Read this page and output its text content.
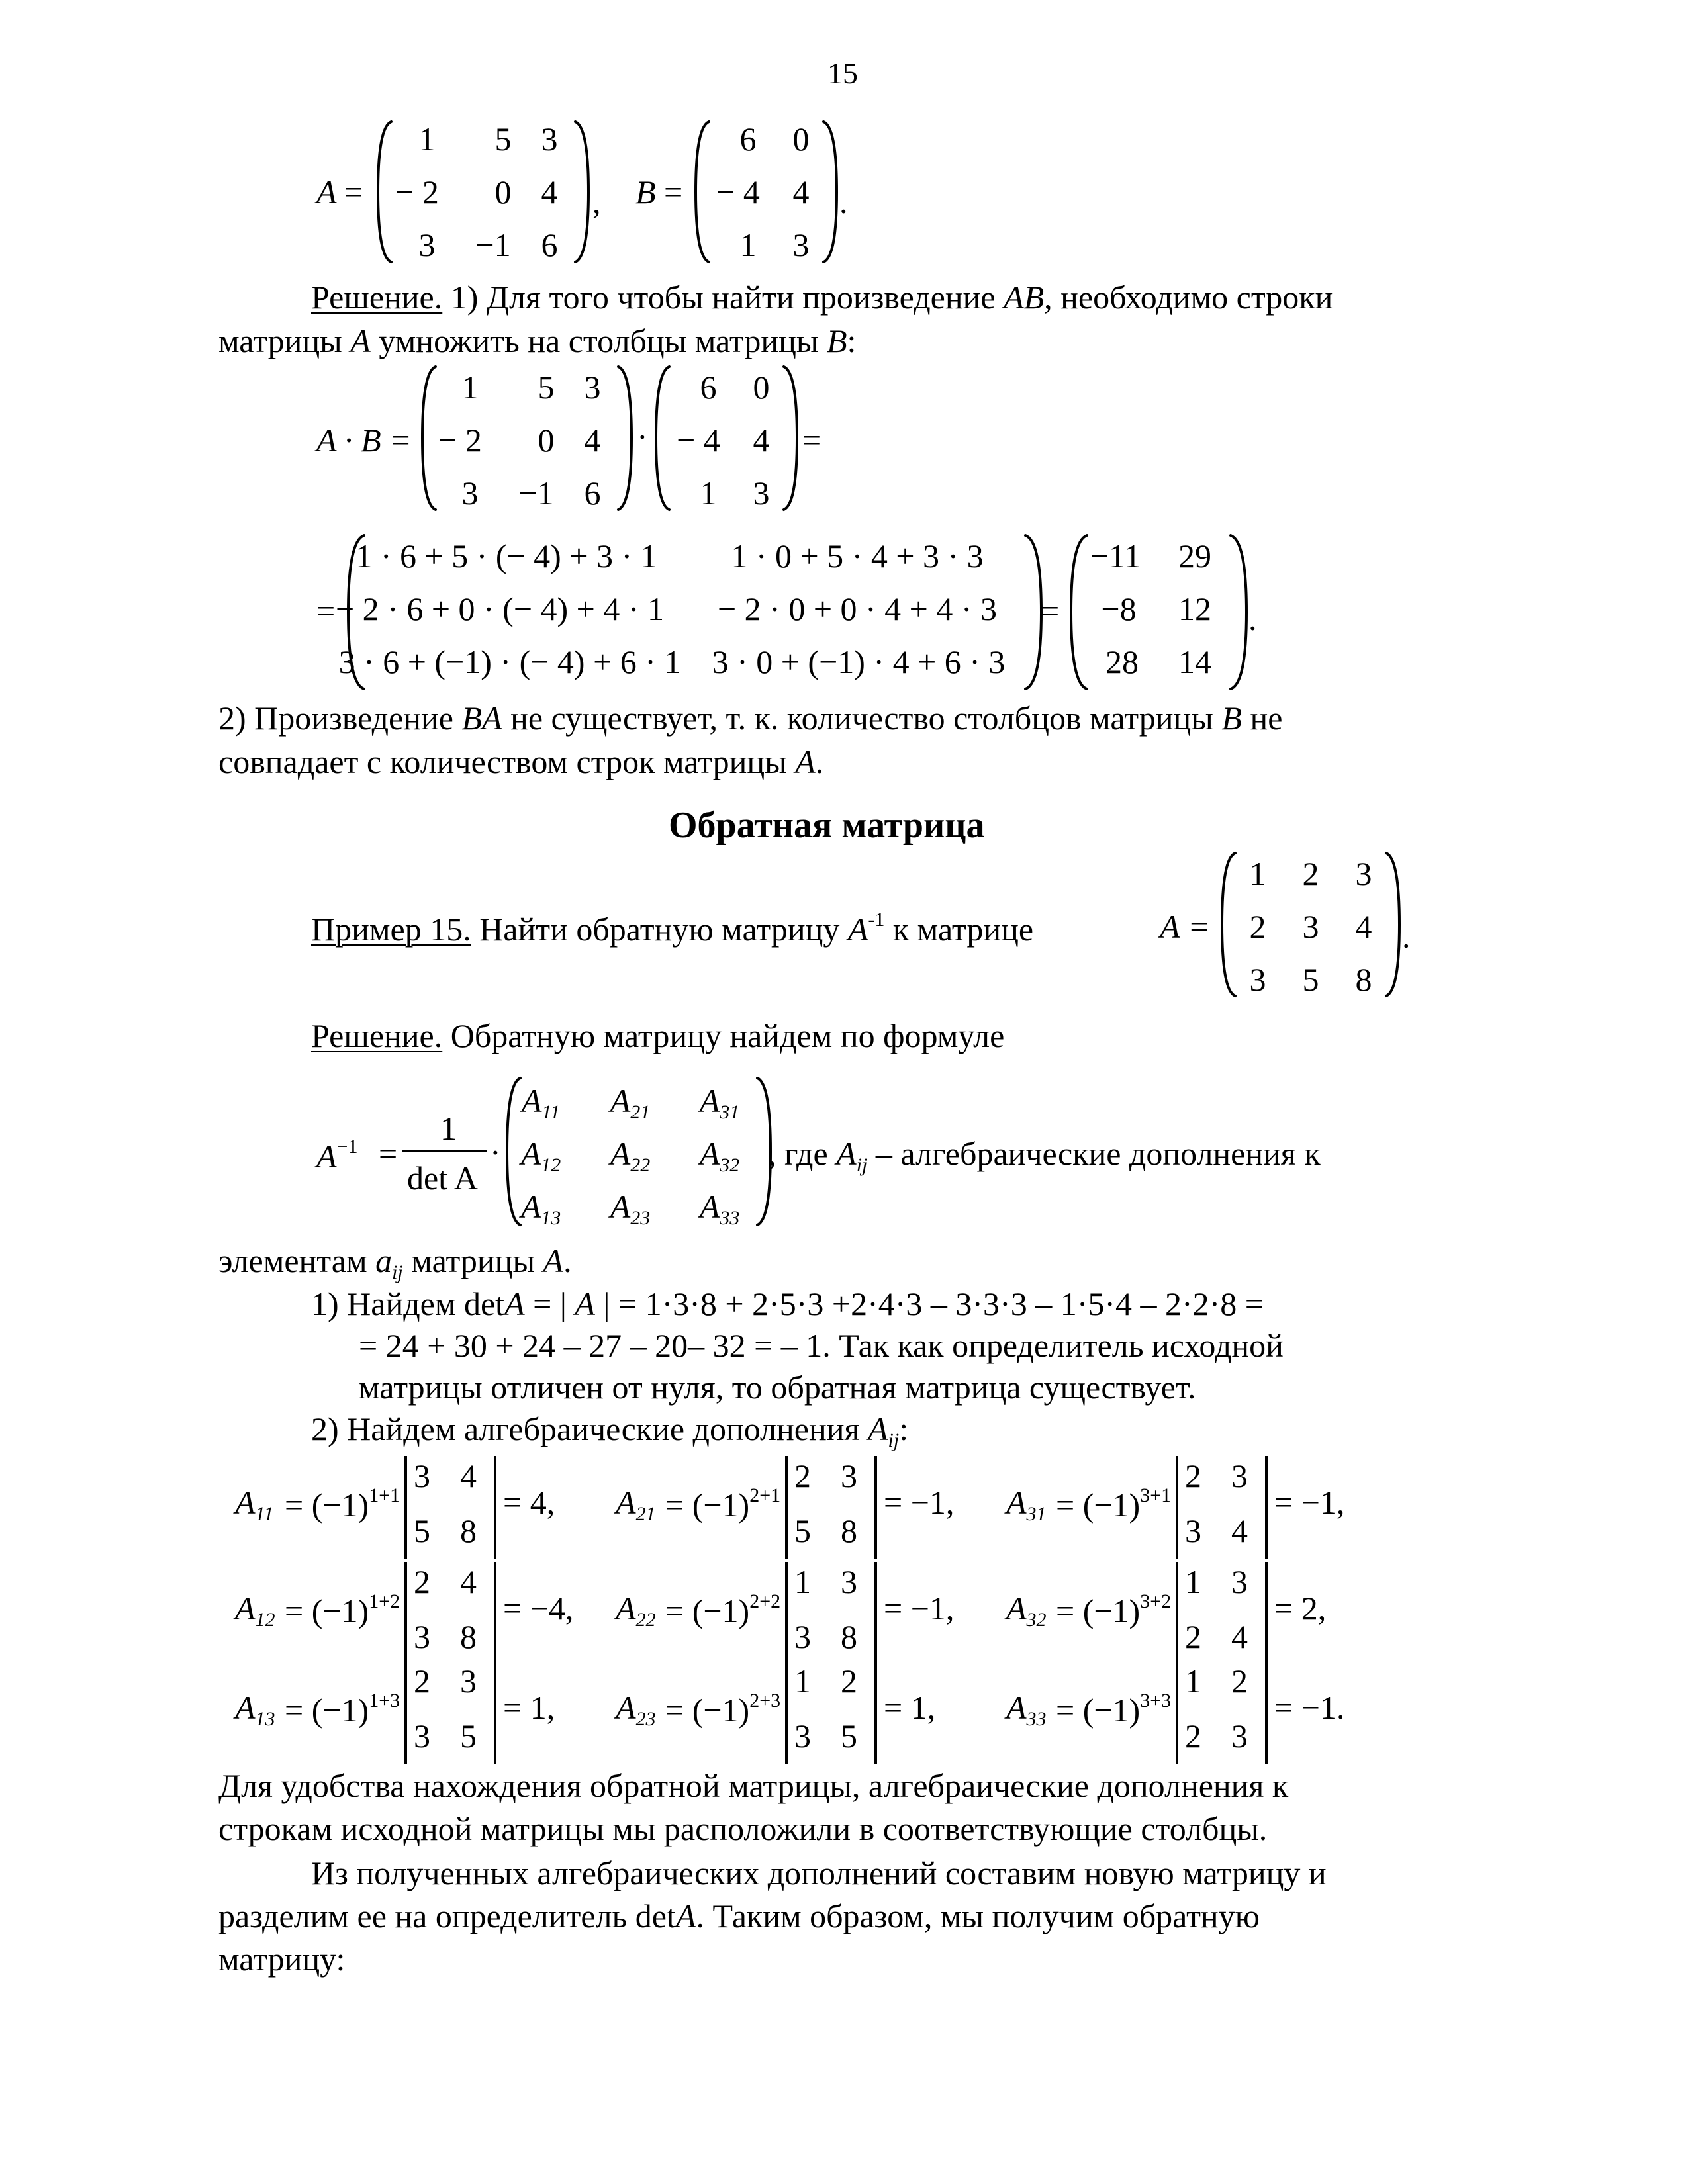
15
A =
1 5 3
− 2 0 4
3 −1 6
, B =
6 0
− 4 4
1 3
.
Решение. 1) Для того чтобы найти произведение AB, необходимо строки
матрицы A умножить на столбцы матрицы B:
A · B =
1 5 3
− 2 0 4
3 −1 6
·
6 0
− 4 4
1 3
=
=
1 · 6 + 5 · (− 4) + 3 · 1 1 · 0 + 5 · 4 + 3 · 3
− 2 · 6 + 0 · (− 4) + 4 · 1 − 2 · 0 + 0 · 4 + 4 · 3
3 · 6 + (−1) · (− 4) + 6 · 1 3 · 0 + (−1) · 4 + 6 · 3
=
−11 29
−8 12
28 14
.
2) Произведение BA не существует, т. к. количество столбцов матрицы B не
совпадает с количеством строк матрицы A.
Обратная матрица
Пример 15. Найти обратную матрицу $A^{-1}$ к матрице	A =
1 2 3
2 3 4
3 5 8
.
Решение. Обратную матрицу найдем по формуле
$A^{-1}$ =
1
det A
·
$A_{11}$ $A_{21}$ $A_{31}$
$A_{12}$ $A_{22}$ $A_{32}$
$A_{13}$ $A_{23}$ $A_{33}$
, где $A_{ij}$ – алгебраические дополнения к
элементам $a_{ij}$ матрицы A.
1) Найдем detA = | A | = 1·3·8 + 2·5·3 +2·4·3 – 3·3·3 – 1·5·4 – 2·2·8 =
= 24 + 30 + 24 – 27 – 20– 32 = – 1. Так как определитель исходной
матрицы отличен от нуля, то обратная матрица существует.
2) Найдем алгебраические дополнения $A_{ij}$:
$A_{11} = (-1)^{1+1}$
3 4
5 8
= 4, $A_{21} = (-1)^{2+1}$
2 3
5 8
= −1, $A_{31} = (-1)^{3+1}$
2 3
3 4
= −1,
$A_{12} = (-1)^{1+2}$
2 4
3 8
= −4, $A_{22} = (-1)^{2+2}$
1 3
3 8
= −1, $A_{32} = (-1)^{3+2}$
1 3
2 4
= 2,
$A_{13} = (-1)^{1+3}$
2 3
3 5
= 1, $A_{23} = (-1)^{2+3}$
1 2
3 5
= 1, $A_{33} = (-1)^{3+3}$
1 2
2 3
= −1.
Для удобства нахождения обратной матрицы, алгебраические дополнения к
строкам исходной матрицы мы расположили в соответствующие столбцы.
Из полученных алгебраических дополнений составим новую матрицу и
разделим ее на определитель detA. Таким образом, мы получим обратную
матрицу:
